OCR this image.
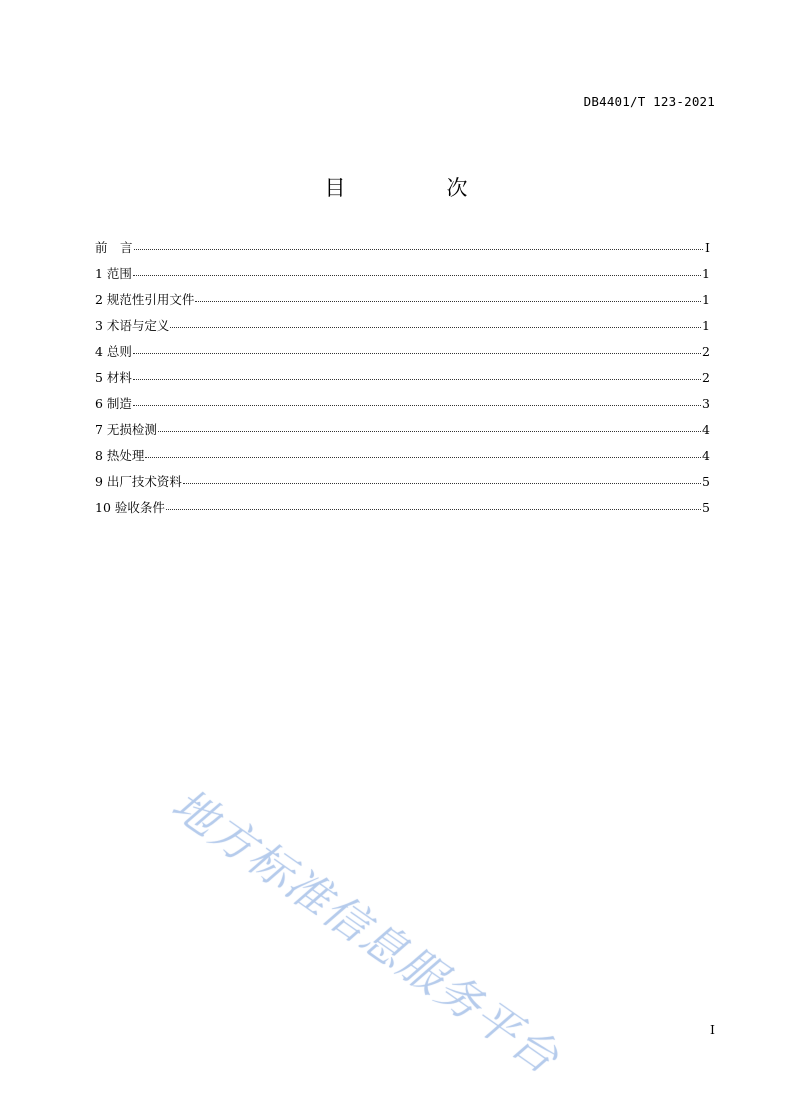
DB4401/T 123-2021
目　次
前　言	I
1 范围	1
2 规范性引用文件	1
3 术语与定义	1
4 总则	2
5 材料	2
6 制造	3
7 无损检测	4
8 热处理	4
9 出厂技术资料	5
10 验收条件	5
地方标准信息服务平台	I
